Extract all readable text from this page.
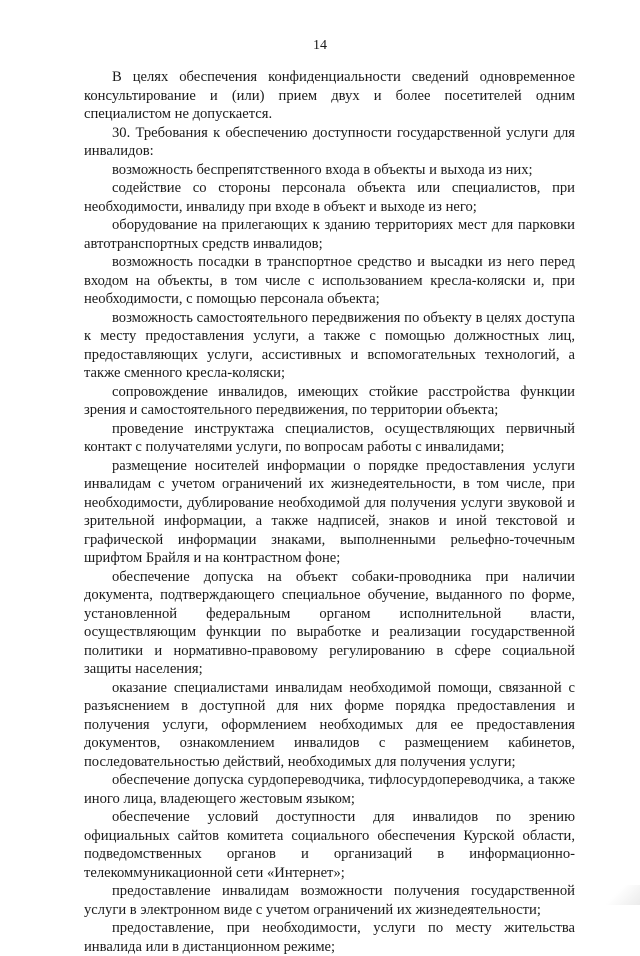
14

В целях обеспечения конфиденциальности сведений одновременное консультирование и (или) прием двух и более посетителей одним специалистом не допускается.

30. Требования к обеспечению доступности государственной услуги для инвалидов:

возможность беспрепятственного входа в объекты и выхода из них;

содействие со стороны персонала объекта или специалистов, при необходимости, инвалиду при входе в объект и выходе из него;

оборудование на прилегающих к зданию территориях мест для парковки автотранспортных средств инвалидов;

возможность посадки в транспортное средство и высадки из него перед входом на объекты, в том числе с использованием кресла-коляски и, при необходимости, с помощью персонала объекта;

возможность самостоятельного передвижения по объекту в целях доступа к месту предоставления услуги, а также с помощью должностных лиц, предоставляющих услуги, ассистивных и вспомогательных технологий, а также сменного кресла-коляски;

сопровождение инвалидов, имеющих стойкие расстройства функции зрения и самостоятельного передвижения, по территории объекта;

проведение инструктажа специалистов, осуществляющих первичный контакт с получателями услуги, по вопросам работы с инвалидами;

размещение носителей информации о порядке предоставления услуги инвалидам с учетом ограничений их жизнедеятельности, в том числе, при необходимости, дублирование необходимой для получения услуги звуковой и зрительной информации, а также надписей, знаков и иной текстовой и графической информации знаками, выполненными рельефно-точечным шрифтом Брайля и на контрастном фоне;

обеспечение допуска на объект собаки-проводника при наличии документа, подтверждающего специальное обучение, выданного по форме, установленной федеральным органом исполнительной власти, осуществляющим функции по выработке и реализации государственной политики и нормативно-правовому регулированию в сфере социальной защиты населения;

оказание специалистами инвалидам необходимой помощи, связанной с разъяснением в доступной для них форме порядка предоставления и получения услуги, оформлением необходимых для ее предоставления документов, ознакомлением инвалидов с размещением кабинетов, последовательностью действий, необходимых для получения услуги;

обеспечение допуска сурдопереводчика, тифлосурдопереводчика, а также иного лица, владеющего жестовым языком;

обеспечение условий доступности для инвалидов по зрению официальных сайтов комитета социального обеспечения Курской области, подведомственных органов и организаций в информационно-телекоммуникационной сети «Интернет»;

предоставление инвалидам возможности получения государственной услуги в электронном виде с учетом ограничений их жизнедеятельности;

предоставление, при необходимости, услуги по месту жительства инвалида или в дистанционном режиме;
